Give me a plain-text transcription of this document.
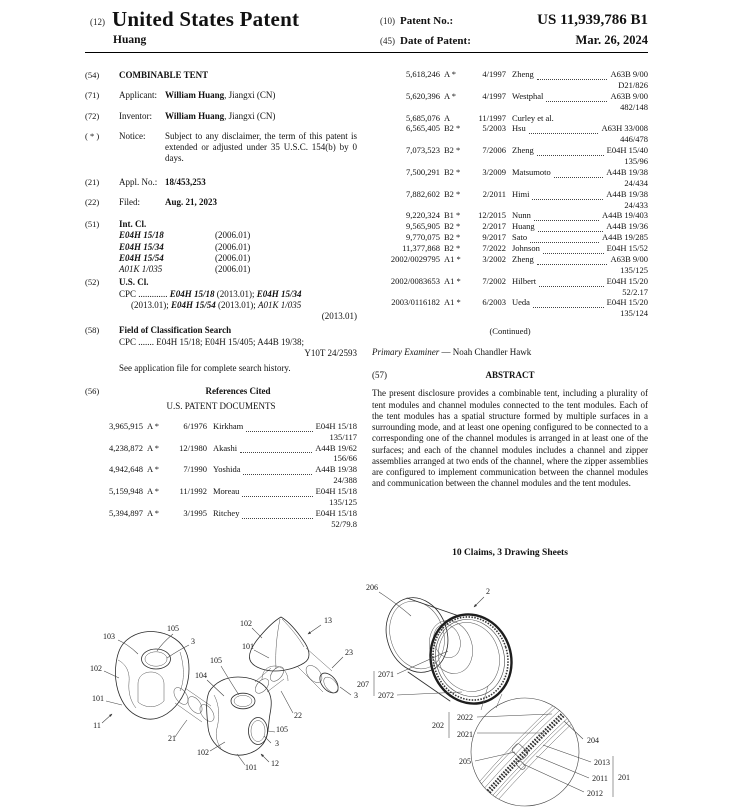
(12) United States Patent
Huang
(10) Patent No.:	US 11,939,786 B1
(45) Date of Patent:	Mar. 26, 2024
(54)	COMBINABLE TENT
(71)	Applicant: William Huang, Jiangxi (CN)
(72)	Inventor:	William Huang, Jiangxi (CN)
( * )	Notice:	Subject to any disclaimer, the term of this patent is extended or adjusted under 35 U.S.C. 154(b) by 0 days.
(21)	Appl. No.: 18/453,253
(22)	Filed:	Aug. 21, 2023
(51)	Int. Cl.
E04H 15/18	(2006.01)
E04H 15/34	(2006.01)
E04H 15/54	(2006.01)
A01K 1/035	(2006.01)
(52)	U.S. Cl.
CPC ............. E04H 15/18 (2013.01); E04H 15/34
(2013.01); E04H 15/54 (2013.01); A01K 1/035
(2013.01)
(58)	Field of Classification Search
CPC ....... E04H 15/18; E04H 15/405; A44B 19/38;
Y10T 24/2593
See application file for complete search history.
(56)	References Cited
U.S. PATENT DOCUMENTS
3,965,915 A *	6/1976 Kirkham	E04H 15/18
135/117
4,238,872 A *	12/1980 Akashi	A44B 19/62
156/66
4,942,648 A *	7/1990 Yoshida	A44B 19/38
24/388
5,159,948 A *	11/1992 Moreau	E04H 15/18
135/125
5,394,897 A *	3/1995 Ritchey	E04H 15/18
52/79.8
5,618,246 A *	4/1997 Zheng	A63B 9/00
D21/826
5,620,396 A *	4/1997 Westphal	A63B 9/00
482/148
5,685,076 A	11/1997 Curley et al.
6,565,405 B2 *	5/2003 Hsu	A63H 33/008
446/478
7,073,523 B2 *	7/2006 Zheng	E04H 15/40
135/96
7,500,291 B2 *	3/2009 Matsumoto	A44B 19/38
24/434
7,882,602 B2 *	2/2011 Himi	A44B 19/38
24/433
9,220,324 B1 *	12/2015 Nunn	A44B 19/403
9,565,905 B2 *	2/2017 Huang	A44B 19/36
9,770,075 B2 *	9/2017 Sato	A44B 19/285
11,377,868 B2 *	7/2022 Johnson	E04H 15/52
2002/0029795 A1 *	3/2002 Zheng	A63B 9/00
135/125
2002/0083653 A1 *	7/2002 Hilbert	E04H 15/20
52/2.17
2003/0116182 A1 *	6/2003 Ueda	E04H 15/20
135/124
(Continued)
Primary Examiner — Noah Chandler Hawk
(57)	ABSTRACT
The present disclosure provides a combinable tent, including a plurality of tent modules and channel modules connected to the tent modules. Each of the tent modules has a spatial structure formed by multiple surfaces in a surrounding mode, and at least one opening configured to be connected to a corresponding one of the channel modules is arranged in at least one of the surfaces; and each of the channel modules includes a channel and zipper assemblies arranged at two ends of the channel, where the zipper assemblies are configured to implement communication between the channel modules and communication between the channel modules and the tent modules.
10 Claims, 3 Drawing Sheets
103
105
3
102
101
11
21
104
105
102
101
13
23
3
22
105
3
102
101 12
206	2
2071
207
2072
2022
202
2021
205
204
2013
2011
2012
201
